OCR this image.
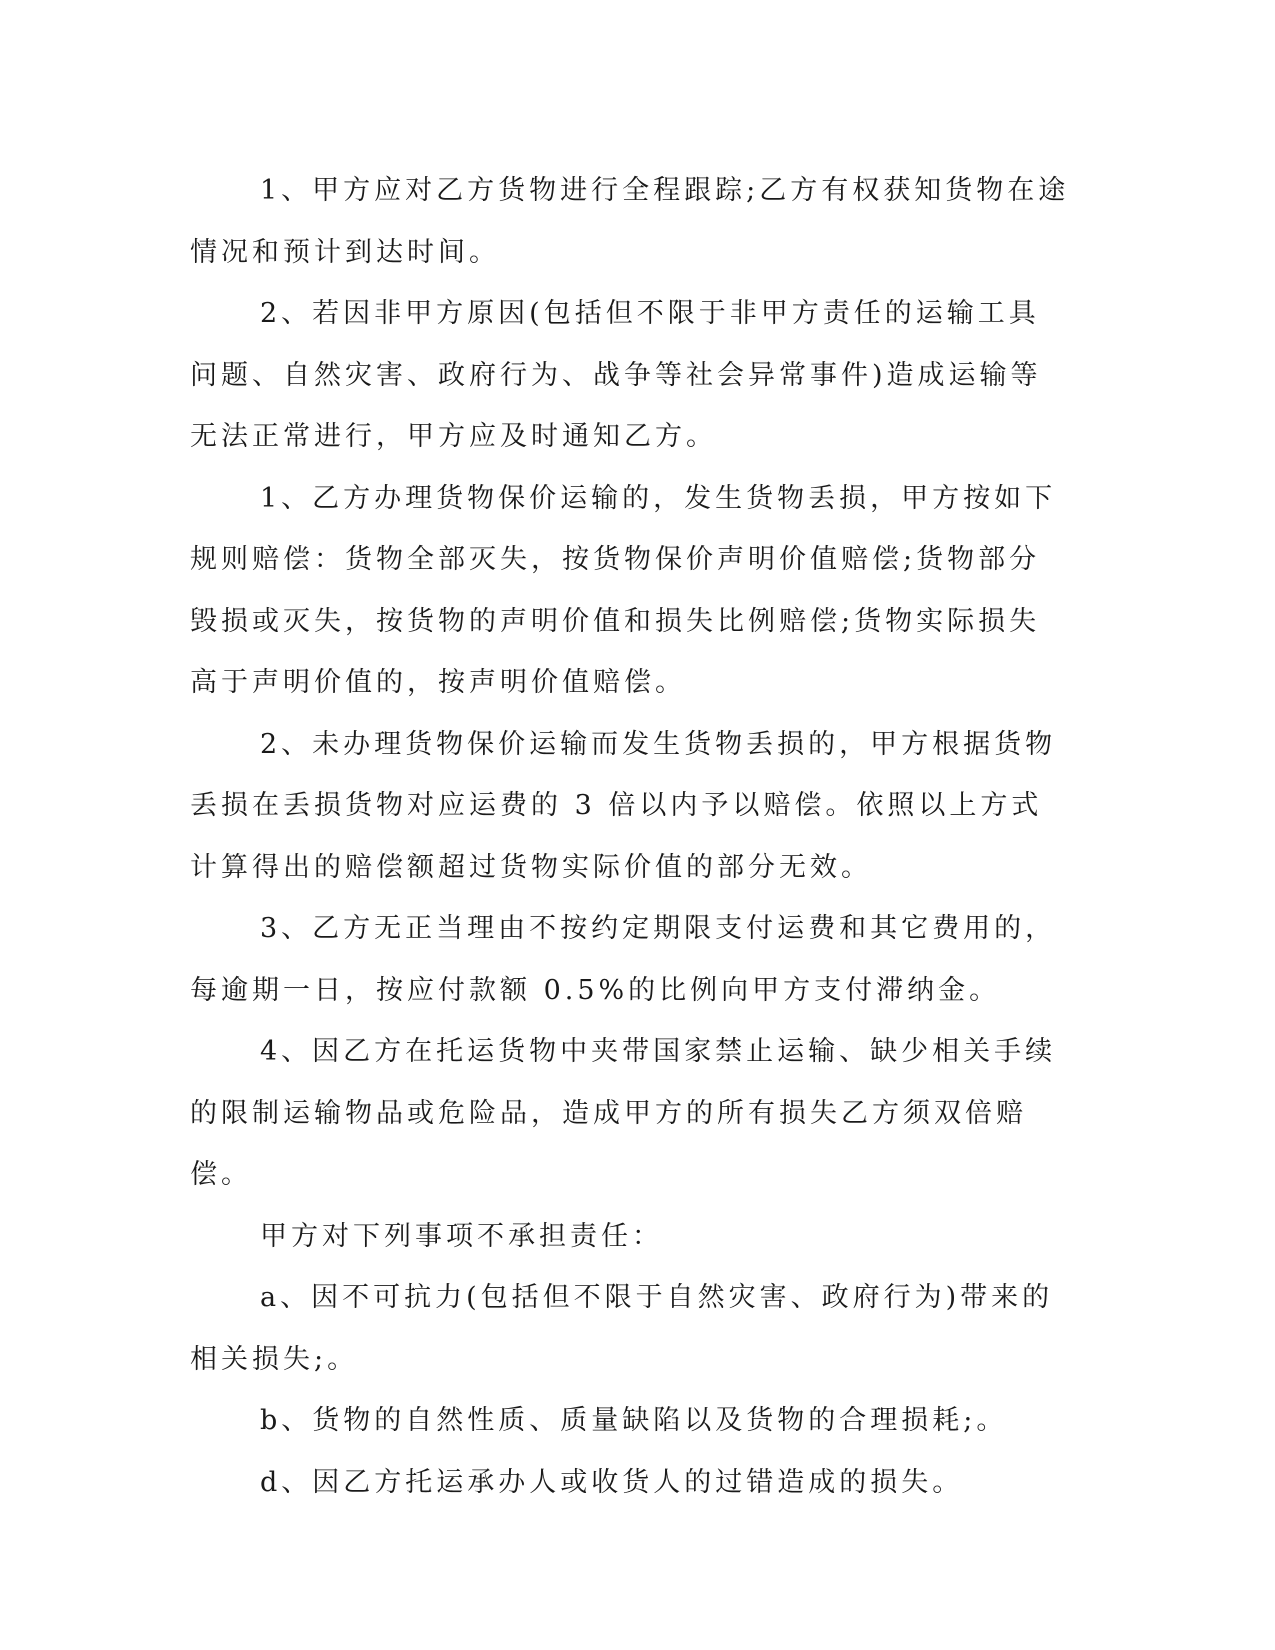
1、甲方应对乙方货物进行全程跟踪;乙方有权获知货物在途情况和预计到达时间。

2、若因非甲方原因(包括但不限于非甲方责任的运输工具问题、自然灾害、政府行为、战争等社会异常事件)造成运输等无法正常进行，甲方应及时通知乙方。

1、乙方办理货物保价运输的，发生货物丢损，甲方按如下规则赔偿：货物全部灭失，按货物保价声明价值赔偿;货物部分毁损或灭失，按货物的声明价值和损失比例赔偿;货物实际损失高于声明价值的，按声明价值赔偿。

2、未办理货物保价运输而发生货物丢损的，甲方根据货物丢损在丢损货物对应运费的 3 倍以内予以赔偿。依照以上方式计算得出的赔偿额超过货物实际价值的部分无效。

3、乙方无正当理由不按约定期限支付运费和其它费用的，每逾期一日，按应付款额 0.5%的比例向甲方支付滞纳金。

4、因乙方在托运货物中夹带国家禁止运输、缺少相关手续的限制运输物品或危险品，造成甲方的所有损失乙方须双倍赔偿。

甲方对下列事项不承担责任：

a、因不可抗力(包括但不限于自然灾害、政府行为)带来的相关损失;。

b、货物的自然性质、质量缺陷以及货物的合理损耗;。

d、因乙方托运承办人或收货人的过错造成的损失。
